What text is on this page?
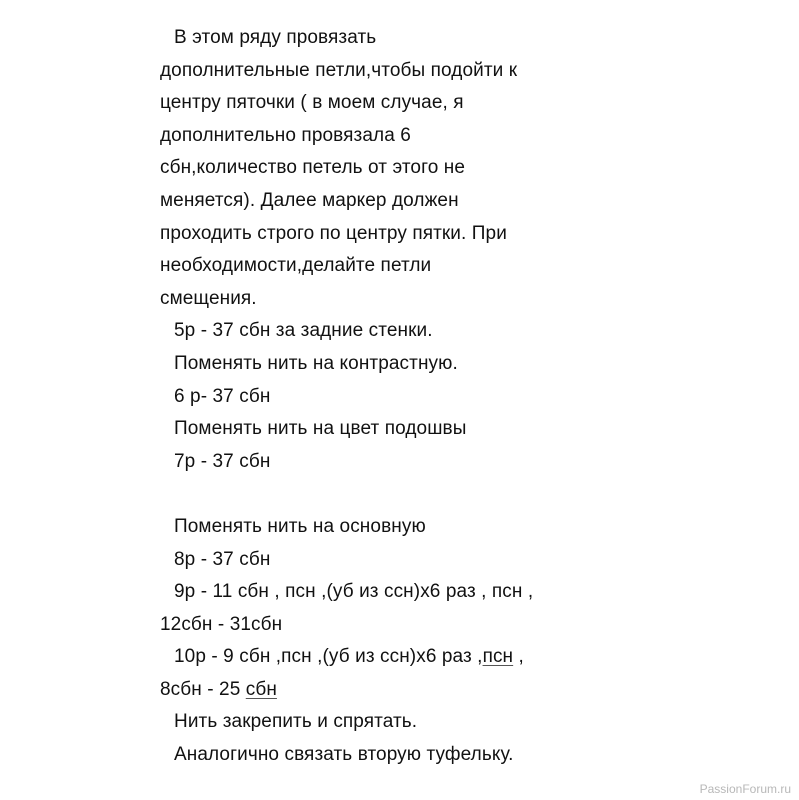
В этом ряду провязать
дополнительные петли,чтобы подойти к
центру пяточки ( в моем случае, я
дополнительно провязала 6
сбн,количество петель от этого не
меняется). Далее маркер должен
проходить строго по центру пятки. При
необходимости,делайте петли
смещения.
5р - 37 сбн за задние стенки.
Поменять нить на контрастную.
6 р- 37 сбн
Поменять нить на цвет подошвы
7р - 37 сбн
Поменять нить на основную
8р - 37 сбн
9р - 11 сбн , псн ,(уб из ссн)х6 раз , псн ,
12сбн - 31сбн
10р - 9 сбн ,псн ,(уб из ссн)х6 раз ,псн ,
8сбн - 25 сбн
Нить закрепить и спрятать.
Аналогично связать вторую туфельку.
PassionForum.ru
